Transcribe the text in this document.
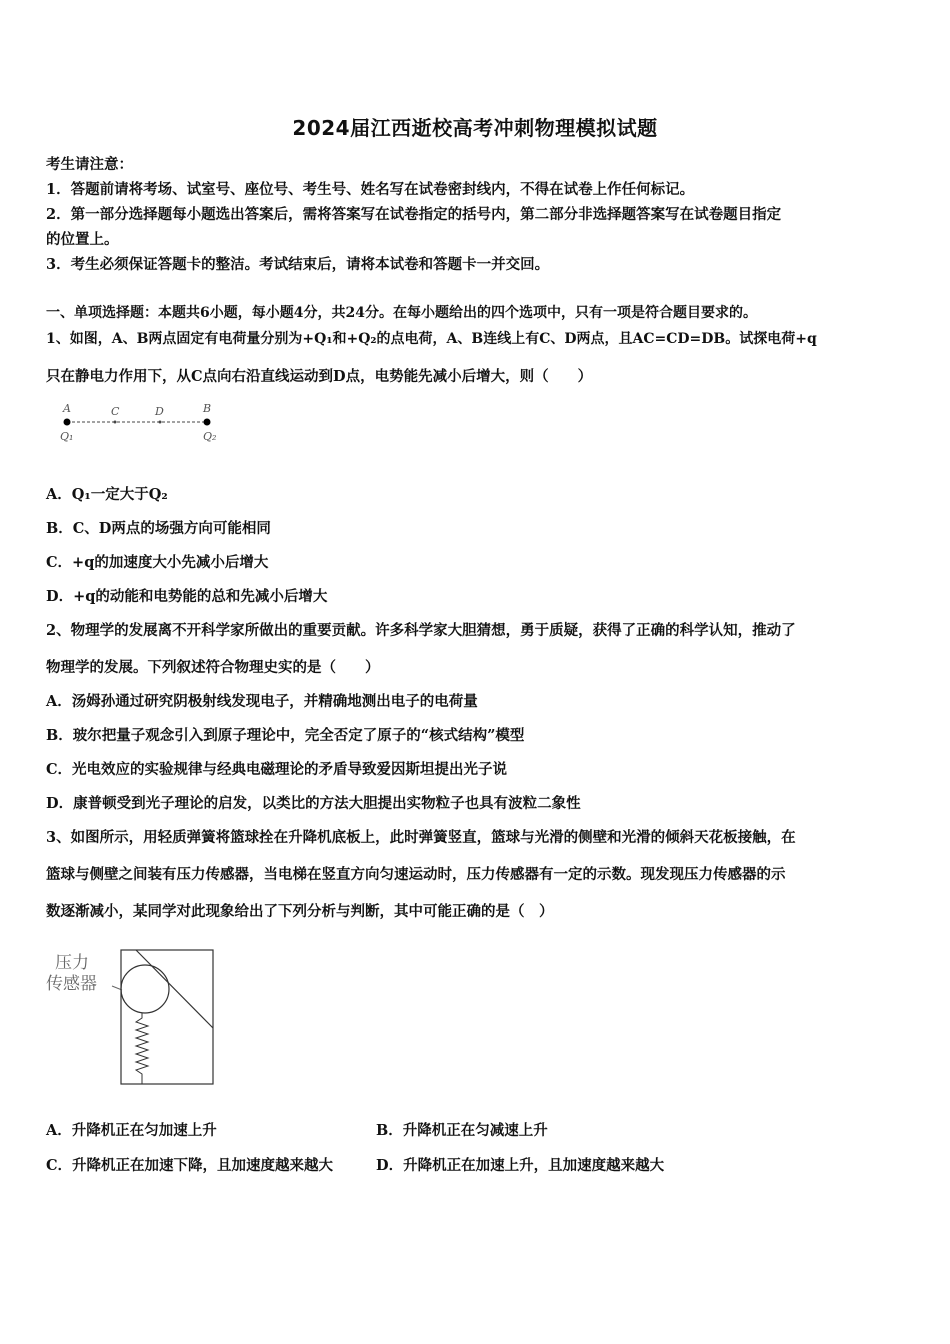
2024届江西逝校高考冲刺物理模拟试题
考生请注意：
1．答题前请将考场、试室号、座位号、考生号、姓名写在试卷密封线内，不得在试卷上作任何标记。
2．第一部分选择题每小题选出答案后，需将答案写在试卷指定的括号内，第二部分非选择题答案写在试卷题目指定
的位置上。
3．考生必须保证答题卡的整洁。考试结束后，请将本试卷和答题卡一并交回。
一、单项选择题：本题共6小题，每小题4分，共24分。在每小题给出的四个选项中，只有一项是符合题目要求的。
1、如图，A、B两点固定有电荷量分别为+Q₁和+Q₂的点电荷，A、B连线上有C、D两点，且AC=CD=DB。试探电荷+q
只在静电力作用下，从C点向右沿直线运动到D点，电势能先减小后增大，则（　　）
A	C	D	B
Q₁	Q₂
A．Q₁一定大于Q₂
B．C、D两点的场强方向可能相同
C．+q的加速度大小先减小后增大
D．+q的动能和电势能的总和先减小后增大
2、物理学的发展离不开科学家所做出的重要贡献。许多科学家大胆猜想，勇于质疑，获得了正确的科学认知，推动了
物理学的发展。下列叙述符合物理史实的是（　　）
A．汤姆孙通过研究阴极射线发现电子，并精确地测出电子的电荷量
B．玻尔把量子观念引入到原子理论中，完全否定了原子的“核式结构”模型
C．光电效应的实验规律与经典电磁理论的矛盾导致爱因斯坦提出光子说
D．康普顿受到光子理论的启发，以类比的方法大胆提出实物粒子也具有波粒二象性
3、如图所示，用轻质弹簧将篮球拴在升降机底板上，此时弹簧竖直，篮球与光滑的侧壁和光滑的倾斜天花板接触，在
篮球与侧壁之间装有压力传感器，当电梯在竖直方向匀速运动时，压力传感器有一定的示数。现发现压力传感器的示
数逐渐减小，某同学对此现象给出了下列分析与判断，其中可能正确的是（　）
压力
传感器
A．升降机正在匀加速上升	B．升降机正在匀减速上升
C．升降机正在加速下降，且加速度越来越大	D．升降机正在加速上升，且加速度越来越大
